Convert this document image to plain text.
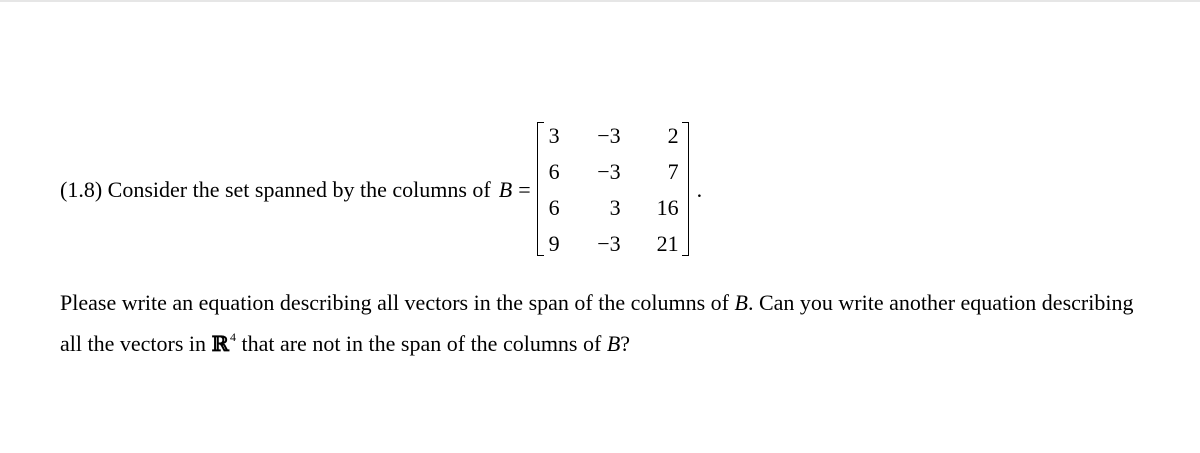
(1.8) Consider the set spanned by the columns of B =
3	−3	2
6	−3	7
6	3	16
9	−3	21
.
Please write an equation describing all vectors in the span of the columns of B. Can you write another equation describing all the vectors in ℝ$^4$ that are not in the span of the columns of B?
